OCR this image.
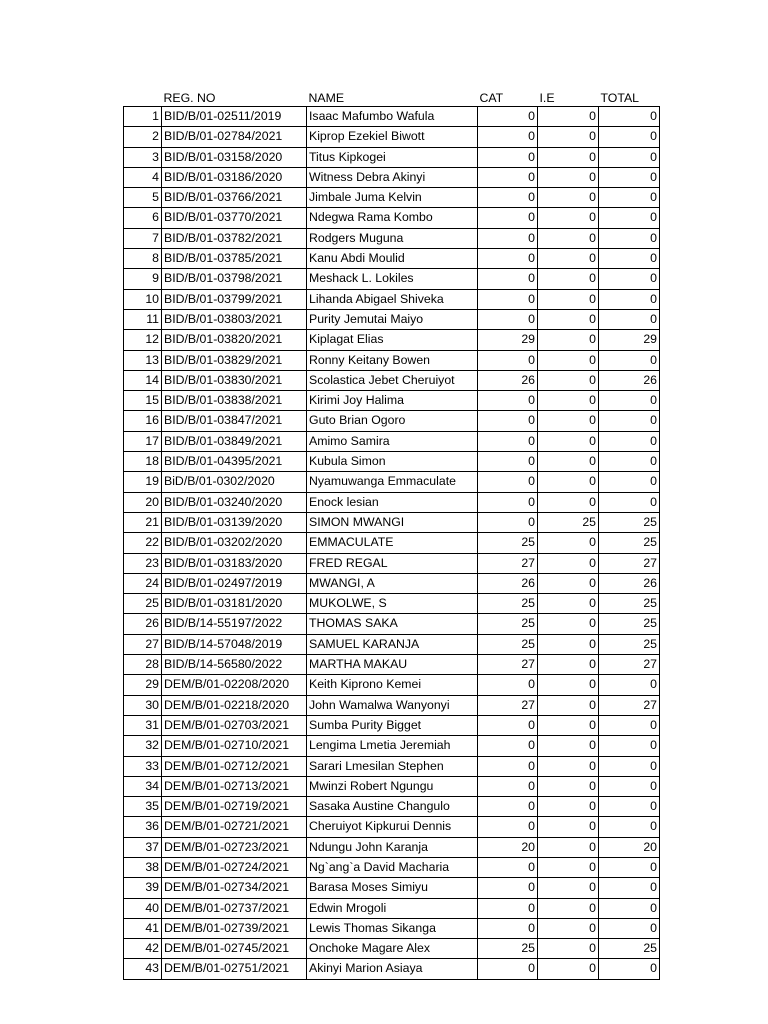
	REG. NO	NAME	CAT	I.E	TOTAL
1	BID/B/01-02511/2019	Isaac Mafumbo Wafula	0	0	0
2	BID/B/01-02784/2021	Kiprop Ezekiel Biwott	0	0	0
3	BID/B/01-03158/2020	Titus Kipkogei	0	0	0
4	BID/B/01-03186/2020	Witness Debra Akinyi	0	0	0
5	BID/B/01-03766/2021	Jimbale Juma Kelvin	0	0	0
6	BID/B/01-03770/2021	Ndegwa Rama Kombo	0	0	0
7	BID/B/01-03782/2021	Rodgers Muguna	0	0	0
8	BID/B/01-03785/2021	Kanu Abdi Moulid	0	0	0
9	BID/B/01-03798/2021	Meshack L. Lokiles	0	0	0
10	BID/B/01-03799/2021	Lihanda Abigael Shiveka	0	0	0
11	BID/B/01-03803/2021	Purity Jemutai Maiyo	0	0	0
12	BID/B/01-03820/2021	Kiplagat Elias	29	0	29
13	BID/B/01-03829/2021	Ronny Keitany Bowen	0	0	0
14	BID/B/01-03830/2021	Scolastica Jebet Cheruiyot	26	0	26
15	BID/B/01-03838/2021	Kirimi Joy Halima	0	0	0
16	BID/B/01-03847/2021	Guto Brian Ogoro	0	0	0
17	BID/B/01-03849/2021	Amimo Samira	0	0	0
18	BID/B/01-04395/2021	Kubula Simon	0	0	0
19	BiD/B/01-0302/2020	Nyamuwanga Emmaculate	0	0	0
20	BID/B/01-03240/2020	Enock lesian	0	0	0
21	BID/B/01-03139/2020	SIMON MWANGI	0	25	25
22	BID/B/01-03202/2020	EMMACULATE	25	0	25
23	BID/B/01-03183/2020	FRED REGAL	27	0	27
24	BID/B/01-02497/2019	MWANGI, A	26	0	26
25	BID/B/01-03181/2020	MUKOLWE, S	25	0	25
26	BID/B/14-55197/2022	THOMAS SAKA	25	0	25
27	BID/B/14-57048/2019	SAMUEL KARANJA	25	0	25
28	BID/B/14-56580/2022	MARTHA MAKAU	27	0	27
29	DEM/B/01-02208/2020	Keith Kiprono Kemei	0	0	0
30	DEM/B/01-02218/2020	John Wamalwa Wanyonyi	27	0	27
31	DEM/B/01-02703/2021	Sumba Purity Bigget	0	0	0
32	DEM/B/01-02710/2021	Lengima Lmetia Jeremiah	0	0	0
33	DEM/B/01-02712/2021	Sarari Lmesilan Stephen	0	0	0
34	DEM/B/01-02713/2021	Mwinzi Robert Ngungu	0	0	0
35	DEM/B/01-02719/2021	Sasaka Austine Changulo	0	0	0
36	DEM/B/01-02721/2021	Cheruiyot Kipkurui Dennis	0	0	0
37	DEM/B/01-02723/2021	Ndungu John Karanja	20	0	20
38	DEM/B/01-02724/2021	Ng`ang`a David Macharia	0	0	0
39	DEM/B/01-02734/2021	Barasa Moses Simiyu	0	0	0
40	DEM/B/01-02737/2021	Edwin Mrogoli	0	0	0
41	DEM/B/01-02739/2021	Lewis Thomas Sikanga	0	0	0
42	DEM/B/01-02745/2021	Onchoke Magare Alex	25	0	25
43	DEM/B/01-02751/2021	Akinyi Marion Asiaya	0	0	0
